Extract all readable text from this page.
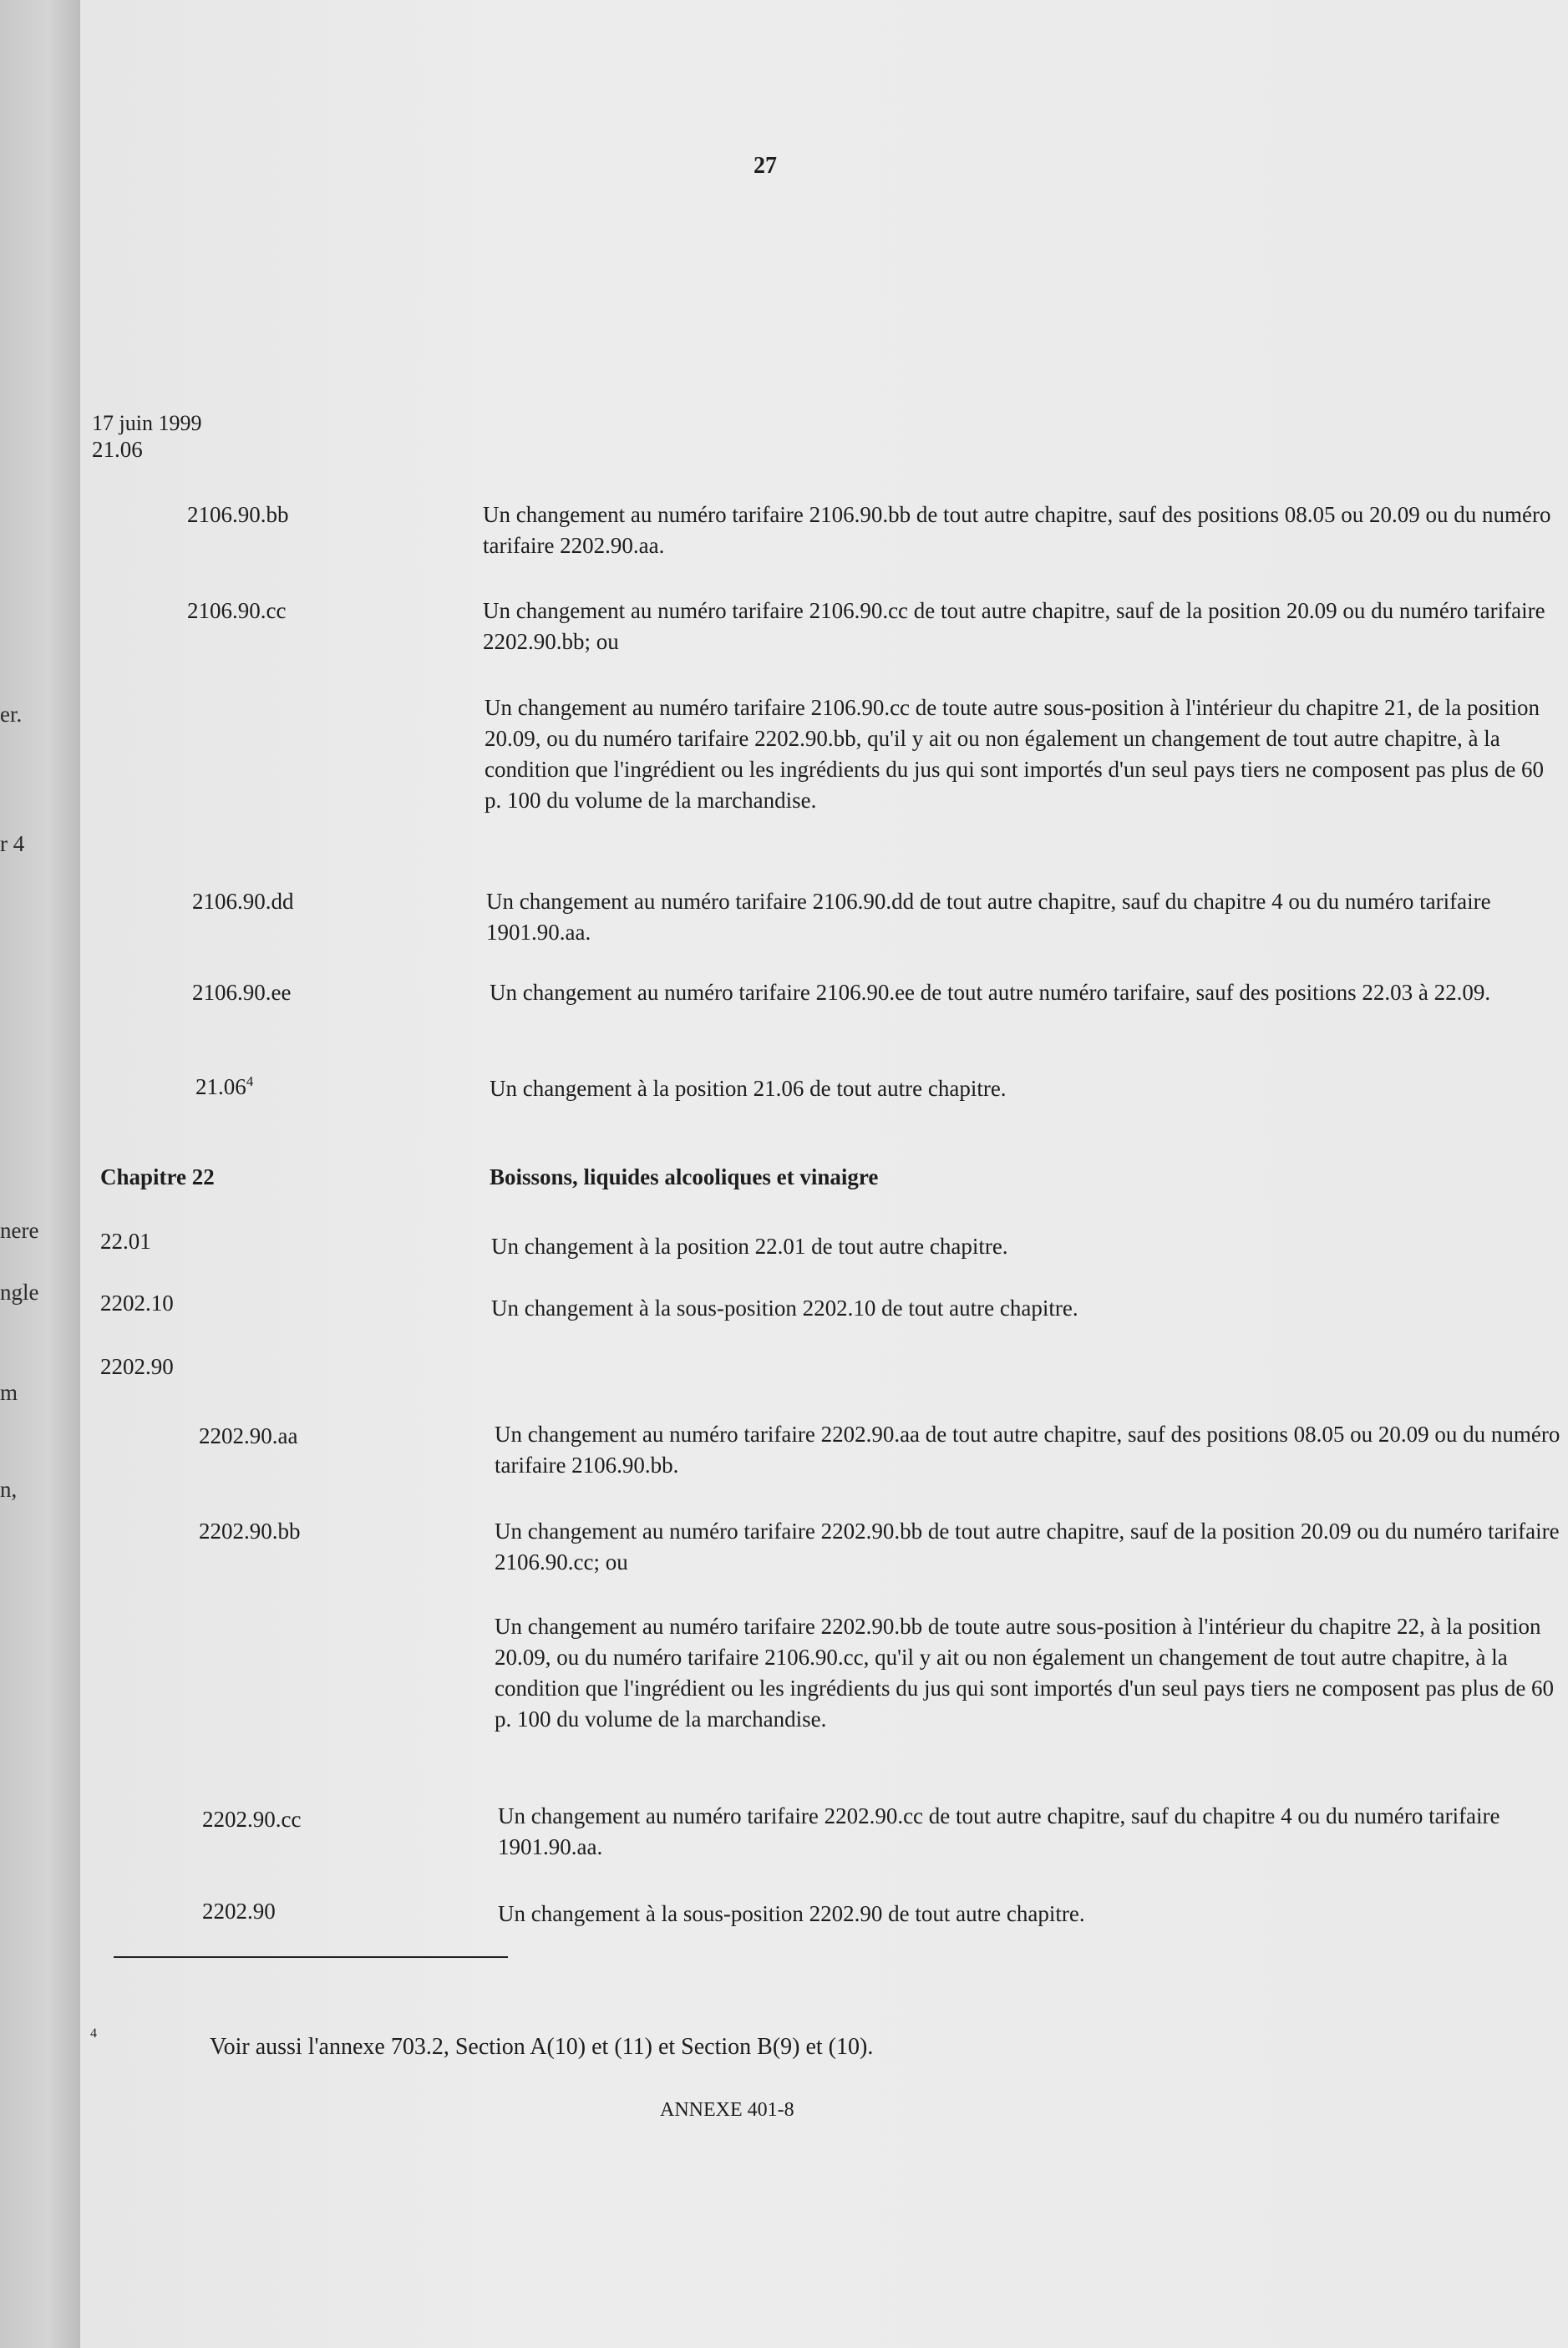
er.
r 4
nere
ngle
m
n,
27
17 juin 1999
21.06
2106.90.bb	Un changement au numéro tarifaire 2106.90.bb de tout autre chapitre, sauf des positions 08.05 ou 20.09 ou du numéro tarifaire 2202.90.aa.
2106.90.cc	Un changement au numéro tarifaire 2106.90.cc de tout autre chapitre, sauf de la position 20.09 ou du numéro tarifaire 2202.90.bb; ou
Un changement au numéro tarifaire 2106.90.cc de toute autre sous-position à l'intérieur du chapitre 21, de la position 20.09, ou du numéro tarifaire 2202.90.bb, qu'il y ait ou non également un changement de tout autre chapitre, à la condition que l'ingrédient ou les ingrédients du jus qui sont importés d'un seul pays tiers ne composent pas plus de 60 p. 100 du volume de la marchandise.
2106.90.dd	Un changement au numéro tarifaire 2106.90.dd de tout autre chapitre, sauf du chapitre 4 ou du numéro tarifaire 1901.90.aa.
2106.90.ee	Un changement au numéro tarifaire 2106.90.ee de tout autre numéro tarifaire, sauf des positions 22.03 à 22.09.
21.06$^4$	Un changement à la position 21.06 de tout autre chapitre.
Chapitre 22	Boissons, liquides alcooliques et vinaigre
22.01	Un changement à la position 22.01 de tout autre chapitre.
2202.10	Un changement à la sous-position 2202.10 de tout autre chapitre.
2202.90
2202.90.aa	Un changement au numéro tarifaire 2202.90.aa de tout autre chapitre, sauf des positions 08.05 ou 20.09 ou du numéro tarifaire 2106.90.bb.
2202.90.bb	Un changement au numéro tarifaire 2202.90.bb de tout autre chapitre, sauf de la position 20.09 ou du numéro tarifaire 2106.90.cc; ou
Un changement au numéro tarifaire 2202.90.bb de toute autre sous-position à l'intérieur du chapitre 22, à la position 20.09, ou du numéro tarifaire 2106.90.cc, qu'il y ait ou non également un changement de tout autre chapitre, à la condition que l'ingrédient ou les ingrédients du jus qui sont importés d'un seul pays tiers ne composent pas plus de 60 p. 100 du volume de la marchandise.
2202.90.cc	Un changement au numéro tarifaire 2202.90.cc de tout autre chapitre, sauf du chapitre 4 ou du numéro tarifaire 1901.90.aa.
2202.90	Un changement à la sous-position 2202.90 de tout autre chapitre.
4
Voir aussi l'annexe 703.2, Section A(10) et (11) et Section B(9) et (10).
ANNEXE 401-8
